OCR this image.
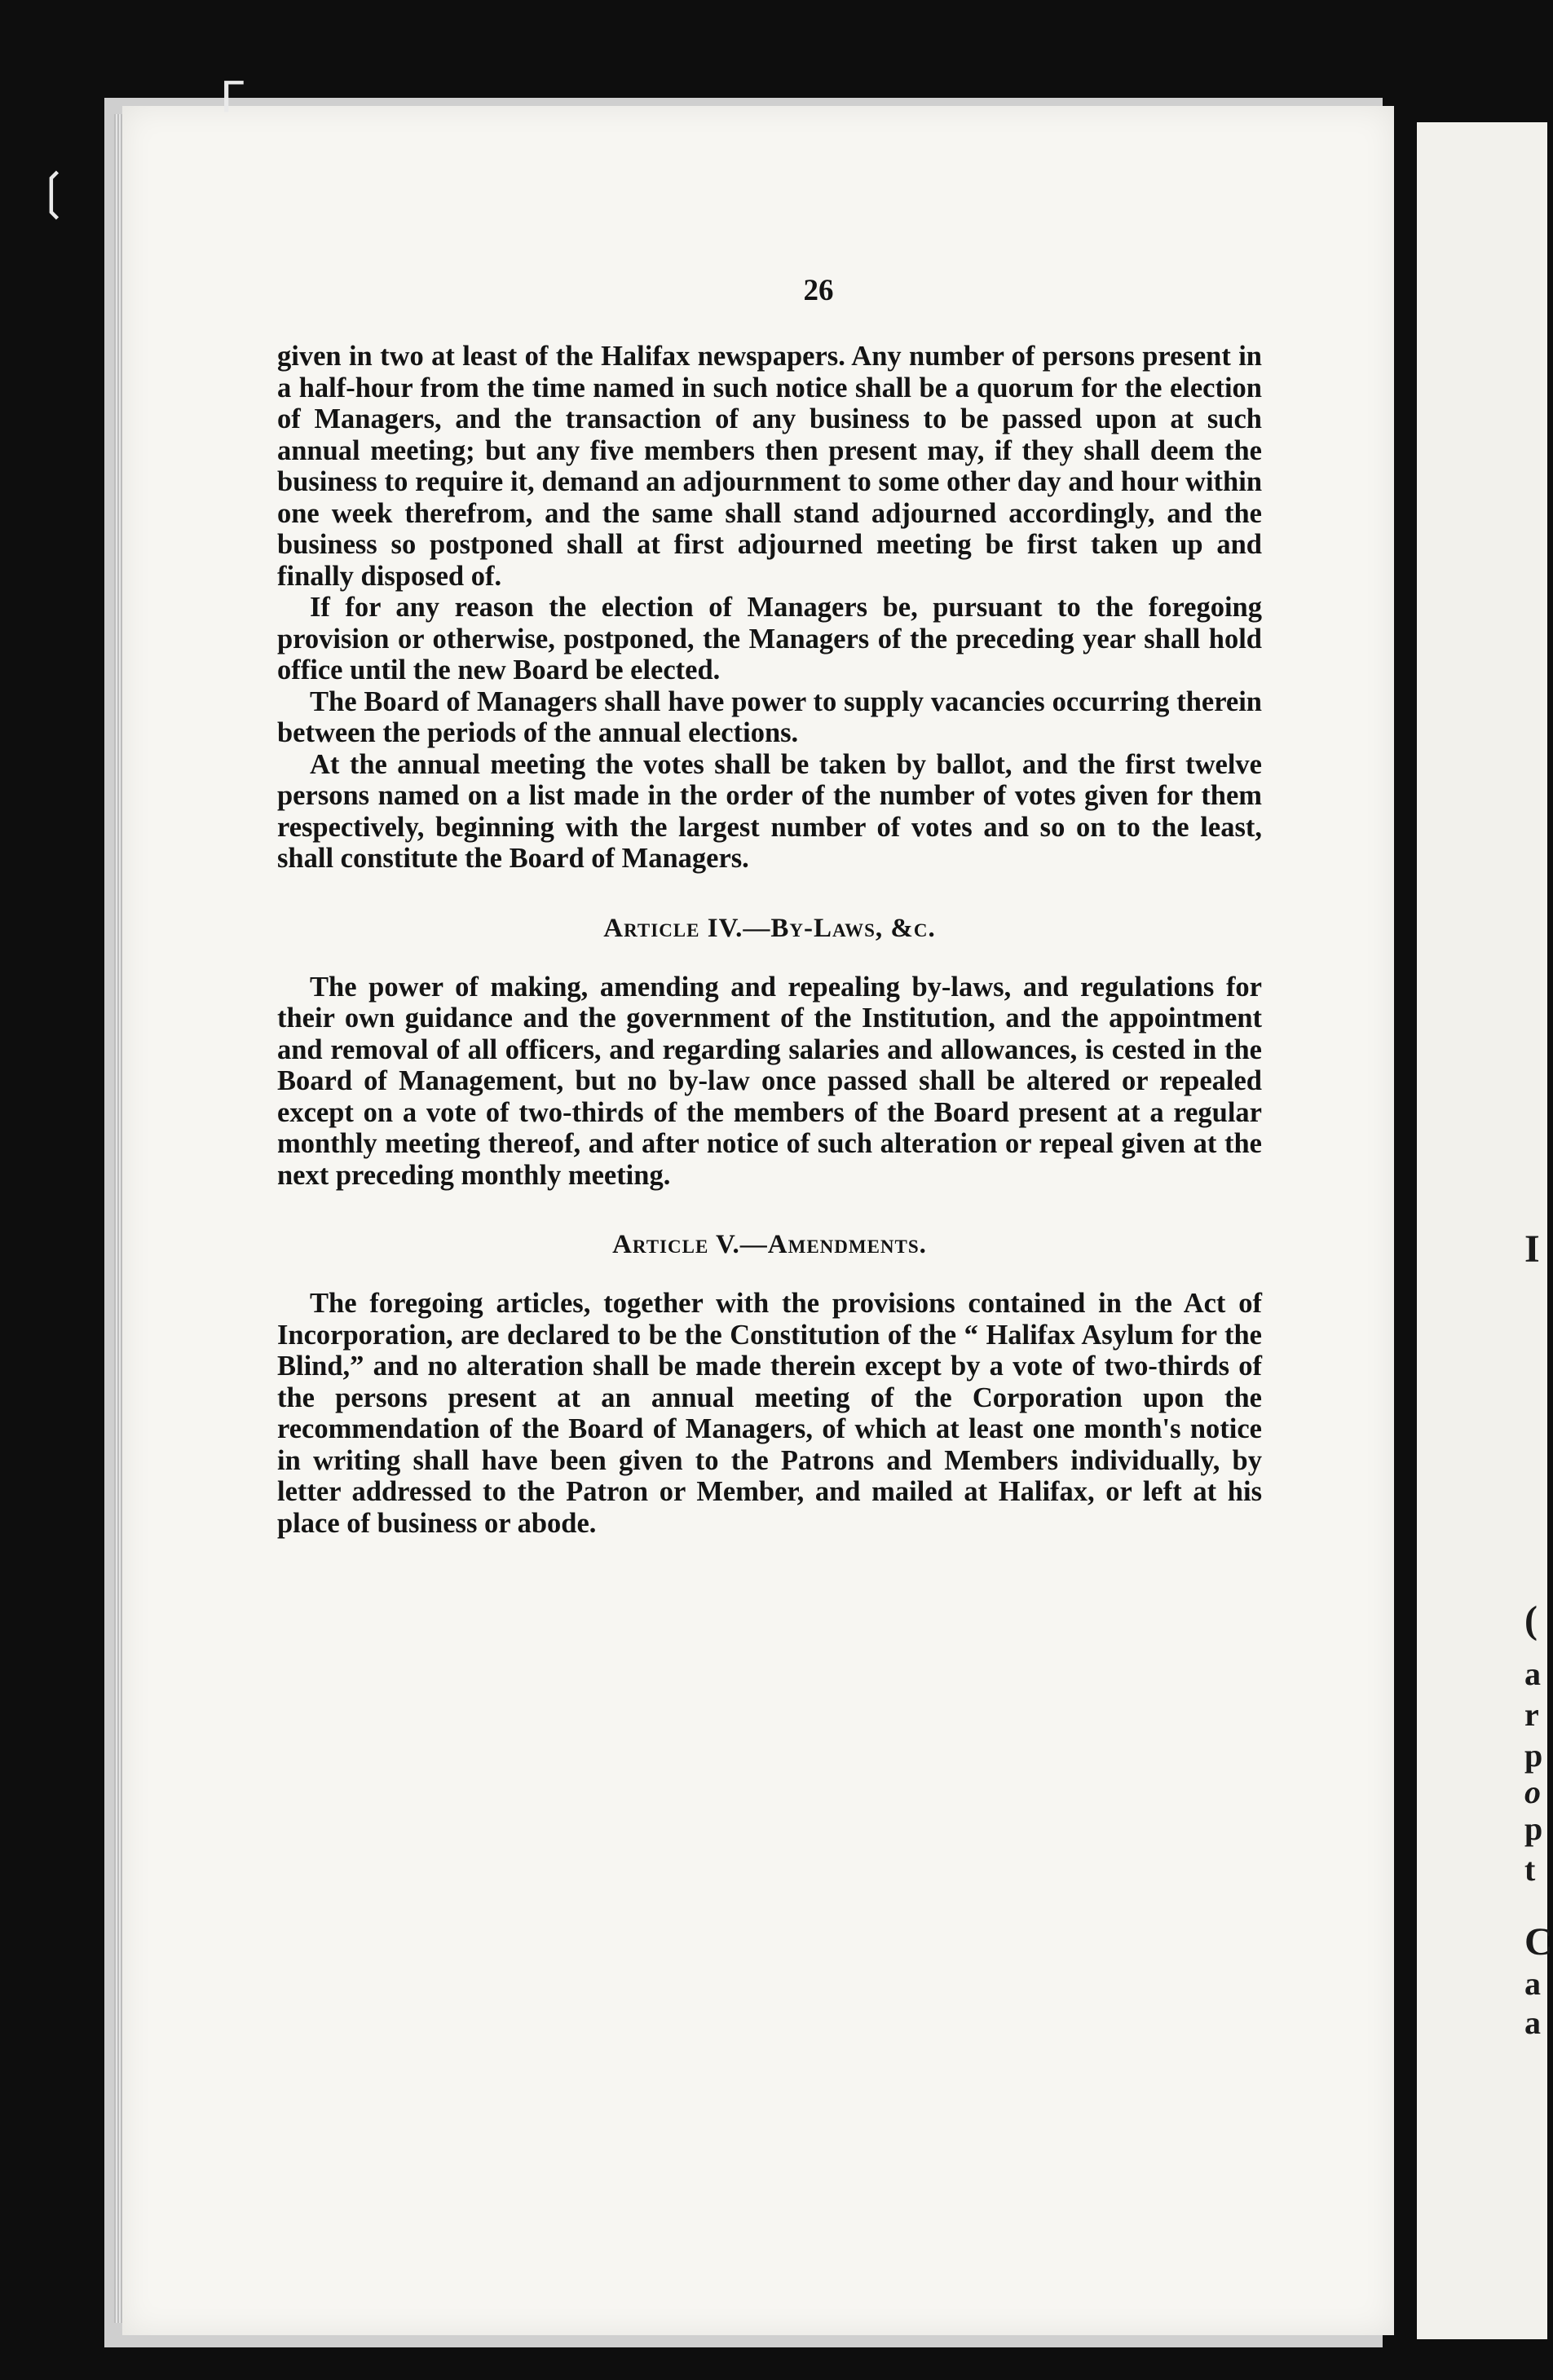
❲
ᒥ
26

given in two at least of the Halifax newspapers. Any number of persons present in a half-hour from the time named in such notice shall be a quorum for the election of Managers, and the transaction of any business to be passed upon at such annual meeting; but any five members then present may, if they shall deem the business to require it, demand an adjournment to some other day and hour within one week therefrom, and the same shall stand adjourned accordingly, and the business so postponed shall at first adjourned meeting be first taken up and finally disposed of.

If for any reason the election of Managers be, pursuant to the foregoing provision or otherwise, postponed, the Managers of the preceding year shall hold office until the new Board be elected.

The Board of Managers shall have power to supply vacancies occurring therein between the periods of the annual elections.

At the annual meeting the votes shall be taken by ballot, and the first twelve persons named on a list made in the order of the number of votes given for them respectively, beginning with the largest number of votes and so on to the least, shall constitute the Board of Managers.

Article IV.—By-Laws, &c.

The power of making, amending and repealing by-laws, and regulations for their own guidance and the government of the Institution, and the appointment and removal of all officers, and regarding salaries and allowances, is cested in the Board of Management, but no by-law once passed shall be altered or repealed except on a vote of two-thirds of the members of the Board present at a regular monthly meeting thereof, and after notice of such alteration or repeal given at the next preceding monthly meeting.

Article V.—Amendments.

The foregoing articles, together with the provisions contained in the Act of Incorporation, are declared to be the Constitution of the “ Halifax Asylum for the Blind,” and no alteration shall be made therein except by a vote of two-thirds of the persons present at an annual meeting of the Corporation upon the recommendation of the Board of Managers, of which at least one month's notice in writing shall have been given to the Patrons and Members individually, by letter addressed to the Patron or Member, and mailed at Halifax, or left at his place of business or abode.

I
(
a
r
p
o
p
t
C
a
a
